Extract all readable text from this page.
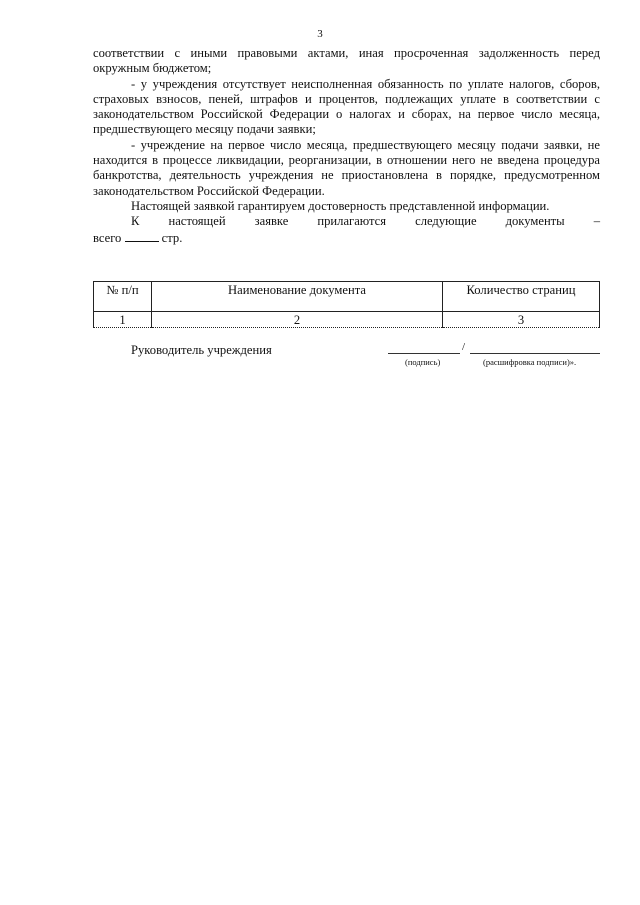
3

соответствии с иными правовыми актами, иная просроченная задолженность перед окружным бюджетом;

- у учреждения отсутствует неисполненная обязанность по уплате налогов, сборов, страховых взносов, пеней, штрафов и процентов, подлежащих уплате в соответствии с законодательством Российской Федерации о налогах и сборах, на первое число месяца, предшествующего месяцу подачи заявки;

- учреждение на первое число месяца, предшествующего месяцу подачи заявки, не находится в процессе ликвидации, реорганизации, в отношении него не введена процедура банкротства, деятельность учреждения не приостановлена в порядке, предусмотренном законодательством Российской Федерации.

Настоящей заявкой гарантируем достоверность представленной информации.

К настоящей заявке прилагаются следующие документы –

всего	стр.

№ п/п	Наименование документа	Количество страниц
1	2	3
Руководитель учреждения	/
(подпись)	(расшифровка подписи)».
